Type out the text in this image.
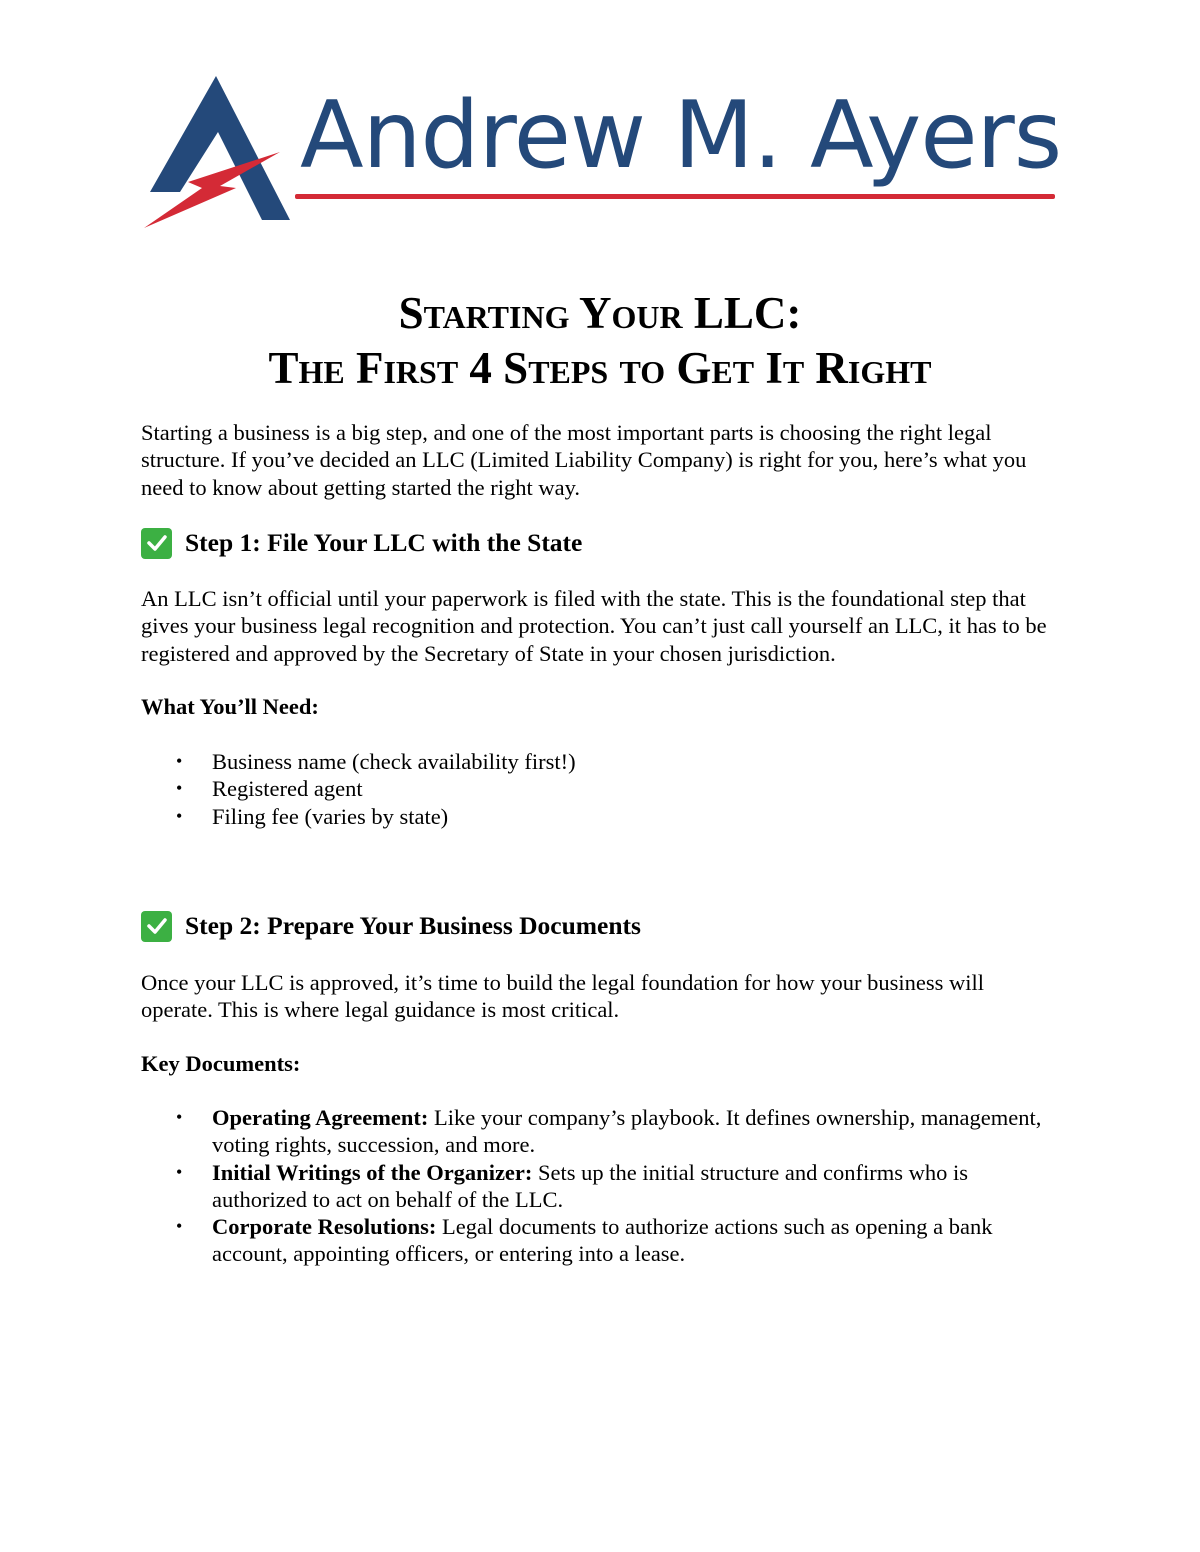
Andrew M. Ayers
Starting Your LLC:
The First 4 Steps to Get It Right

Starting a business is a big step, and one of the most important parts is choosing the right legal structure. If you’ve decided an LLC (Limited Liability Company) is right for you, here’s what you need to know about getting started the right way.

Step 1: File Your LLC with the State

An LLC isn’t official until your paperwork is filed with the state. This is the foundational step that gives your business legal recognition and protection. You can’t just call yourself an LLC, it has to be registered and approved by the Secretary of State in your chosen jurisdiction.

What You’ll Need:

• Business name (check availability first!)
• Registered agent
• Filing fee (varies by state)
Step 2: Prepare Your Business Documents

Once your LLC is approved, it’s time to build the legal foundation for how your business will operate. This is where legal guidance is most critical.

Key Documents:

• Operating Agreement: Like your company’s playbook. It defines ownership, management, voting rights, succession, and more.
• Initial Writings of the Organizer: Sets up the initial structure and confirms who is authorized to act on behalf of the LLC.
• Corporate Resolutions: Legal documents to authorize actions such as opening a bank account, appointing officers, or entering into a lease.
